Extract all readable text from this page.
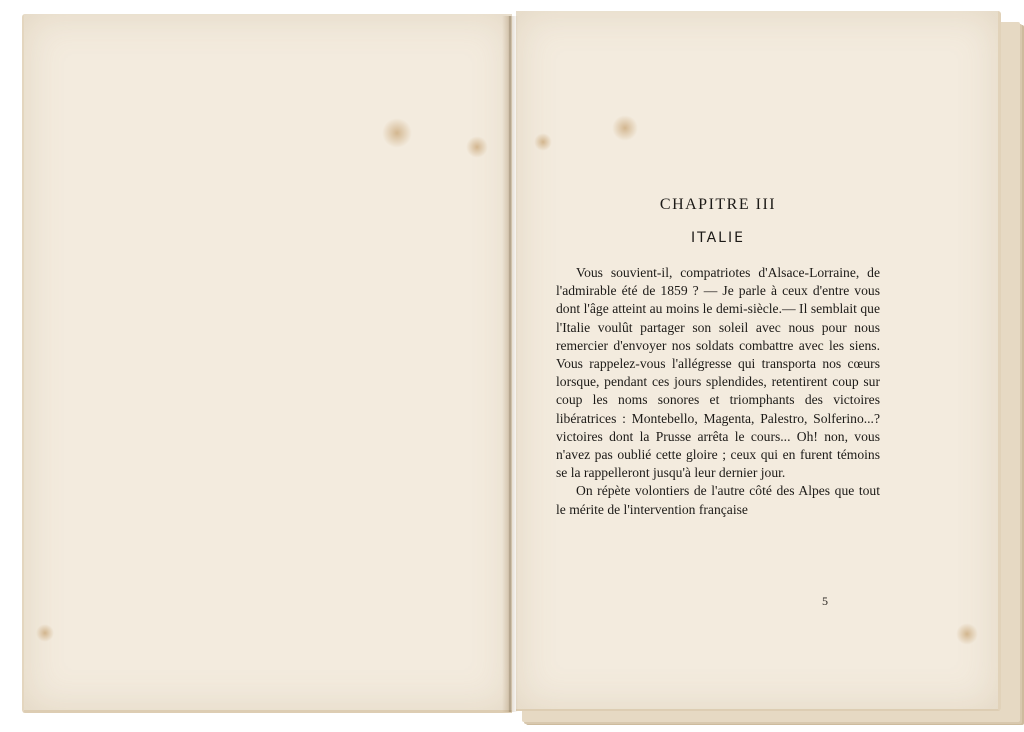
CHAPITRE III
ITALIE

Vous souvient-il, compatriotes d'Alsace-Lorraine, de l'admirable été de 1859 ? — Je parle à ceux d'entre vous dont l'âge atteint au moins le demi-siècle.— Il semblait que l'Italie voulût partager son soleil avec nous pour nous remercier d'envoyer nos soldats combattre avec les siens. Vous rappelez-vous l'allégresse qui transporta nos cœurs lorsque, pendant ces jours splendides, retentirent coup sur coup les noms sonores et triomphants des victoires libératrices : Montebello, Magenta, Palestro, Solferino...? victoires dont la Prusse arrêta le cours... Oh! non, vous n'avez pas oublié cette gloire ; ceux qui en furent témoins se la rappelleront jusqu'à leur dernier jour.

On répète volontiers de l'autre côté des Alpes que tout le mérite de l'intervention française

5
